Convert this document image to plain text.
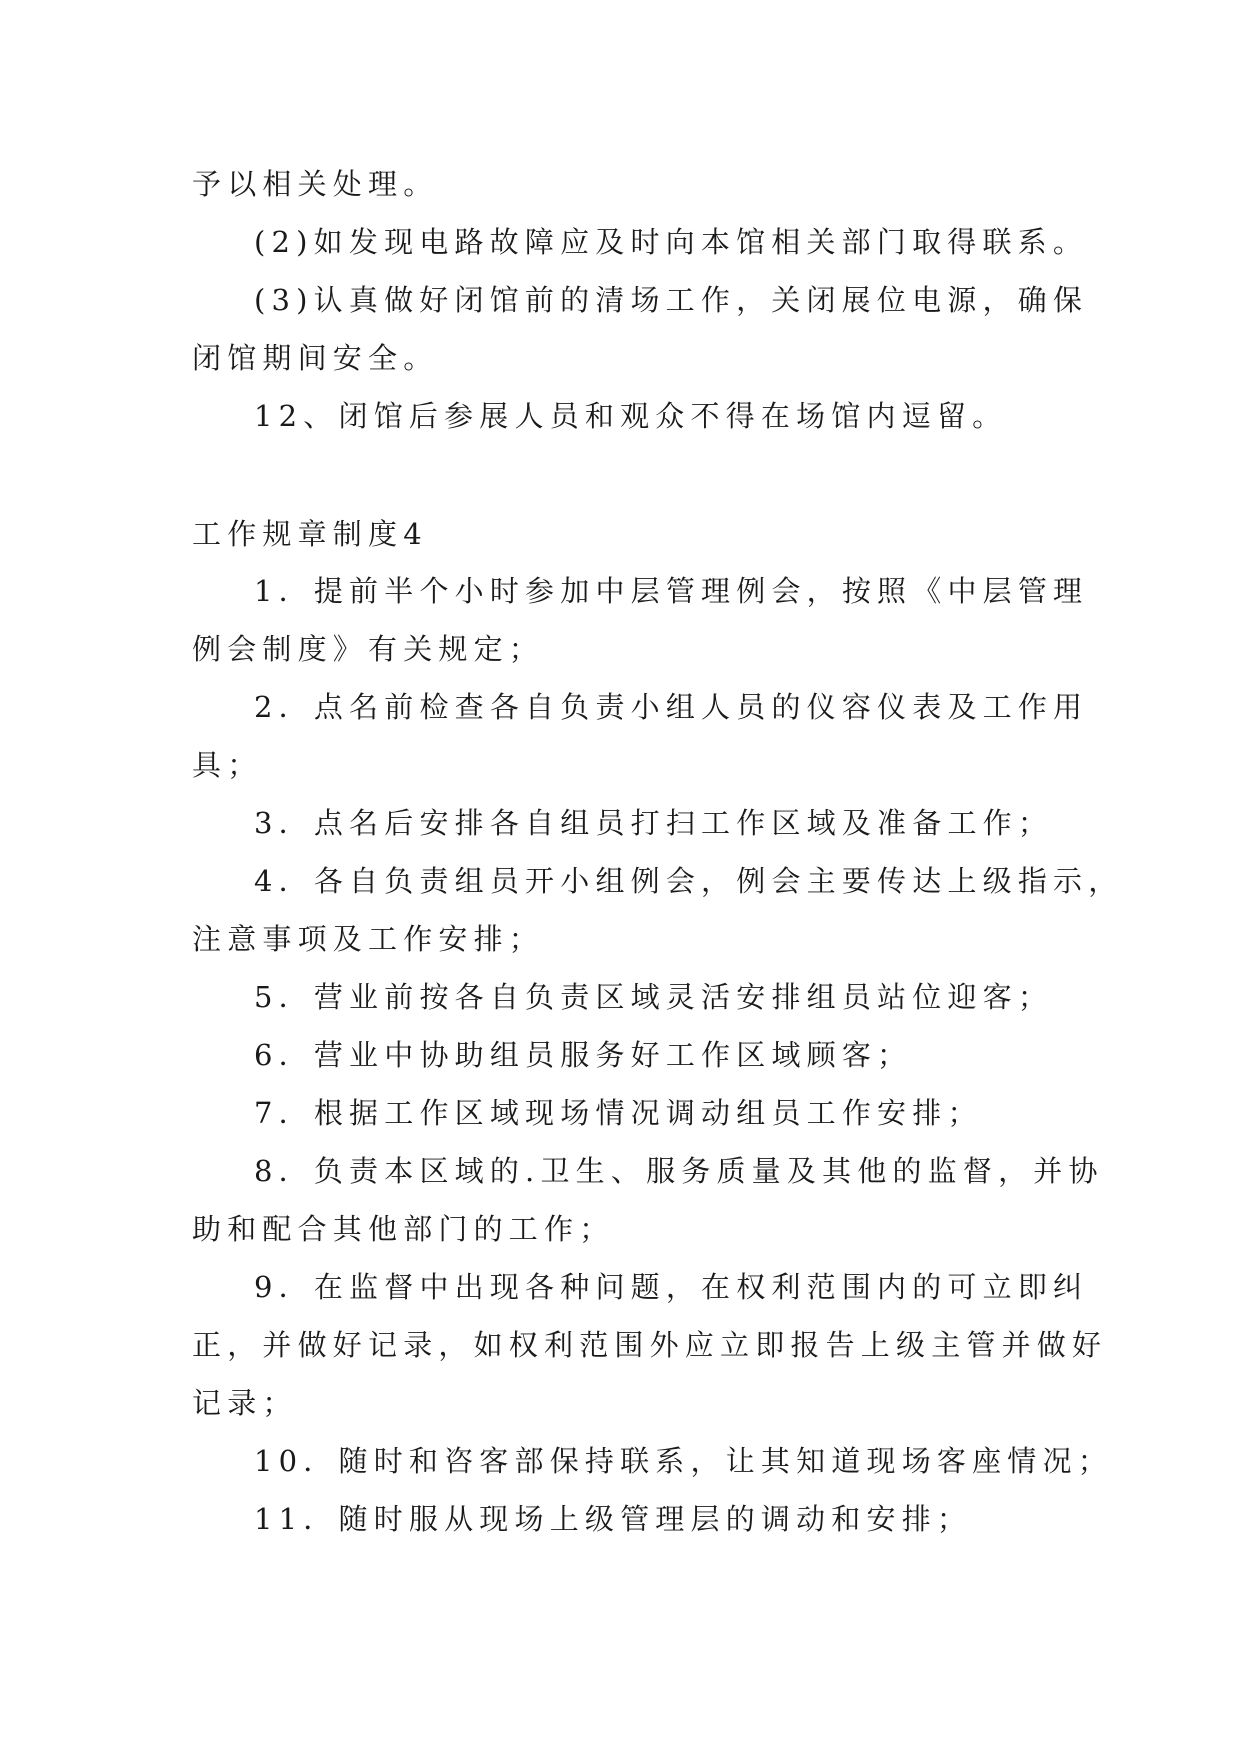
予以相关处理。
(2)如发现电路故障应及时向本馆相关部门取得联系。
(3)认真做好闭馆前的清场工作，关闭展位电源，确保
闭馆期间安全。
12、闭馆后参展人员和观众不得在场馆内逗留。
工作规章制度4
1．提前半个小时参加中层管理例会，按照《中层管理
例会制度》有关规定；
2．点名前检查各自负责小组人员的仪容仪表及工作用
具；
3．点名后安排各自组员打扫工作区域及准备工作；
4．各自负责组员开小组例会，例会主要传达上级指示，
注意事项及工作安排；
5．营业前按各自负责区域灵活安排组员站位迎客；
6．营业中协助组员服务好工作区域顾客；
7．根据工作区域现场情况调动组员工作安排；
8．负责本区域的.卫生、服务质量及其他的监督，并协
助和配合其他部门的工作；
9．在监督中出现各种问题，在权利范围内的可立即纠
正，并做好记录，如权利范围外应立即报告上级主管并做好
记录；
10．随时和咨客部保持联系，让其知道现场客座情况；
11．随时服从现场上级管理层的调动和安排；
